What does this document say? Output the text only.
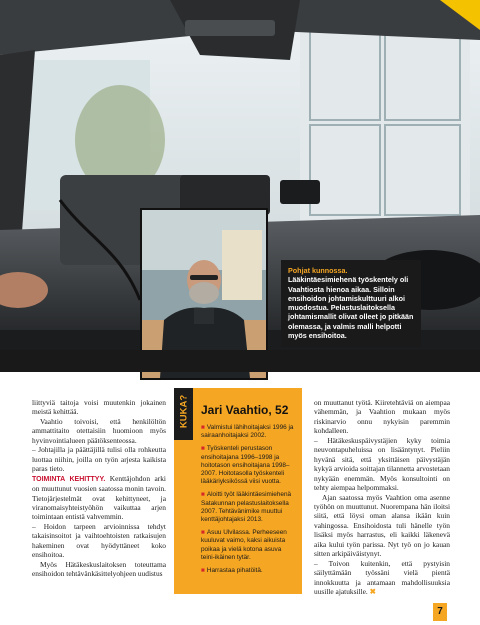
Pohjat kunnossa. Lääkintäesimiehenä työskentely oli Vaahtiosta hienoa aikaa. Silloin ensihoidon johtamiskulttuuri alkoi muodostua. Pelastuslaitoksella johtamismallit olivat olleet jo pitkään olemassa, ja valmis malli helpotti myös ensihoitoa.

liittyviä taitoja voisi muutenkin jokainen meistä kehittää.

Vaahtio toivoisi, että henkilöltön ammattitaito otettaisiin huomioon myös hyvinvointialueen päätöksenteossa.

– Johtajilla ja päättäjillä tulisi olla rohkeutta luottaa niihin, joilla on työn arjesta kaikista paras tieto.

TOIMINTA KEHITTYY. Kenttäjohdon arki on muuttunut vuosien saatossa monin tavoin. Tietojärjestelmät ovat kehittyneet, ja viranomaisyhteistyöhön vaikuttaa arjen toimintaan entistä vahvemmin.

– Hoidon tarpeen arvioinnissa tehdyt takaisinsoitot ja vaihtoehtoisten ratkaisujen hakeminen ovat hyödyttäneet koko ensihoitoa.

Myös Hätäkeskuslaitoksen toteuttama ensihoidon tehtävänkäsittelyohjeen uudistus

on muuttanut työtä. Kiiretehtäviä on aiempaa vähemmän, ja Vaahtion mukaan myös riskinarvio onnu nykyisin paremmin kohdalleen.

– Hätäkeskuspäivystäjien kyky toimia neuvontapuheluissa on lisääntynyt. Pieliin hyvänä sitä, että yksittäisen päivystäjän kykyä arvioida soittajan tilannetta arvostetaan nykyään enemmän. Myös konsultointi on tehty aiempaa helpommaksi.

Ajan saatossa myös Vaahtion oma asenne työhön on muuttunut. Nuorempana hän iloitsi siitä, että löysi oman alansa ikään kuin vahingossa. Ensihoidosta tuli hänelle työn lisäksi myös harrastus, eli kaikki läkenevä aika kului työn parissa. Nyt työ on jo kauan sitten arkipäiväistynyt.

– Toivon kuitenkin, että pystyisin säilyttämään työssäni vielä pientä innokkuutta ja antamaan mahdollisuuksia uusille ajatuksille. ✖

KUKA? Jari Vaahtio, 52
■ Valmistui lähihoitajaksi 1996 ja sairaanhoitajaksi 2002.
■ Työskenteli perustason ensihoitajana 1996–1998 ja hoitotason ensihoitajana 1998–2007. Hoitotasolla työskenteli lääkäriyksikössä viisi vuotta.
■ Aloitti työt lääkintäesimiehenä Satakunnan pelastuslaitoksella 2007. Tehtävänimike muuttui kenttäjohtajaksi 2013.
■ Asuu Ulvilassa. Perheeseen kuuluvat vaimo, kaksi aikuista poikaa ja vielä kotona asuva teini-ikäinen tytär.
■ Harrastaa pihatöitä.
7
